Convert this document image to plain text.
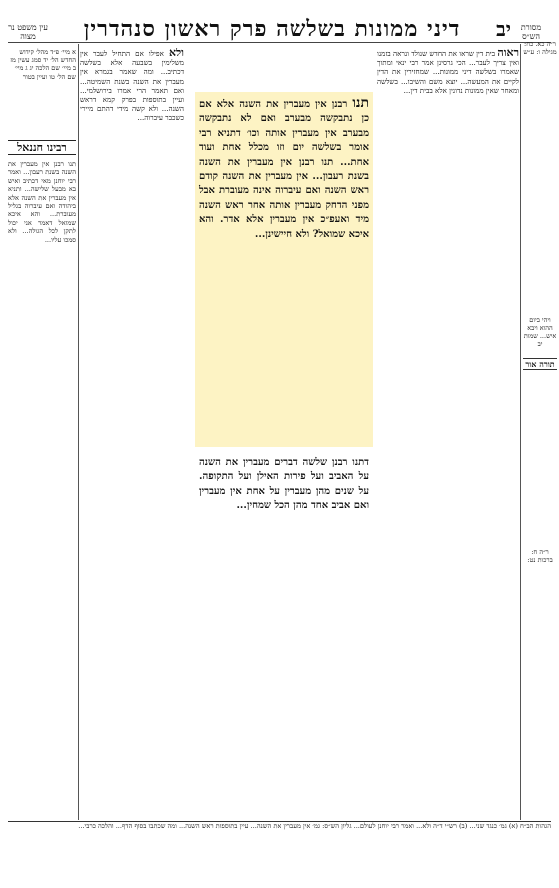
מסורת הש״ס
יב
דיני ממונות בשלשה פרק ראשון סנהדרין
עין משפט נר מצוה
ר״ה כא. כח: מגילה ו: ע״ש
ויהי ביום ההוא ויבא איש... שמות יב
ר״ה ח: ברכות נט:
תורה אור
ראוה בית דין שראו את החדש שנולד ונראה בזמנו ואין צריך לעבר... הכי גרסינן אמר רבי ינאי ומתוך שאמרו בשלשה דיני ממונות... שמחזירין את הדין לקיים את המעשה... יוצא משם והשיבו... בשלשה ומאחר שאין ממונות נדונין אלא בבית דין...
תנו רבנן אין מעברין את השנה אלא אם כן נתבקשה מבערב ואם לא נתבקשה מבערב אין מעברין אותה וכו׳ דתניא רבי אומר בשלשה יום וזו מכלל אחת ועוד אחת... תנו רבנן אין מעברין את השנה בשנת רעבון... אין מעברין את השנה קודם ראש השנה ואם עיברוה אינה מעוברת אבל מפני הדחק מעברין אותה אחר ראש השנה מיד ואעפ״כ אין מעברין אלא אדר. והא איכא שמואל? ולא חיישינן...
דתנו רבנן שלשה דברים מעברין את השנה על האביב ועל פירות האילן ועל התקופה. על שנים מהן מעברין על אחת אין מעברין ואם אביב אחד מהן הכל שמחין...
ולא אפילו אם התחיל לעבר אין משלימין בשבעה אלא בשלשה דכתיב... ומה שאמר בגמרא אין מעברין את השנה בשנת השמיטה... ואם תאמר הרי אמרו בירושלמי... ועיין בתוספות בפרק קמא דראש השנה... ולא קשה מידי דהתם מיירי כשכבר עיברוה...
א מיי׳ פ״ד מהל׳ קידוש החדש הל׳ יד סמג עשין מז ב מיי׳ שם הלכה יג ג מיי׳ שם הל׳ טו ועיין בטור
רבינו חננאל
תנו רבנן אין מעברין את השנה בשנת רעבון... ואמר רבי יוחנן מאי דכתיב ואיש בא מבעל שלישה... ותניא אין מעברין את השנה אלא ביהודה ואם עיברוה בגליל מעוברת... והא איכא שמואל דאמר אני יכול לתקן לכל הגולה... ולא סמכו עליו...
הגהות הב״ח (א) גמ׳ כנגד שני... (ב) רש״י ד״ה ולא... ואמר רבי יוחנן לעולם... גליון הש״ס: גמ׳ אין מעברין את השנה... עיין בתוספות ראש השנה... ומה שכתבו בסוף הדף... והלכה כרבי...
